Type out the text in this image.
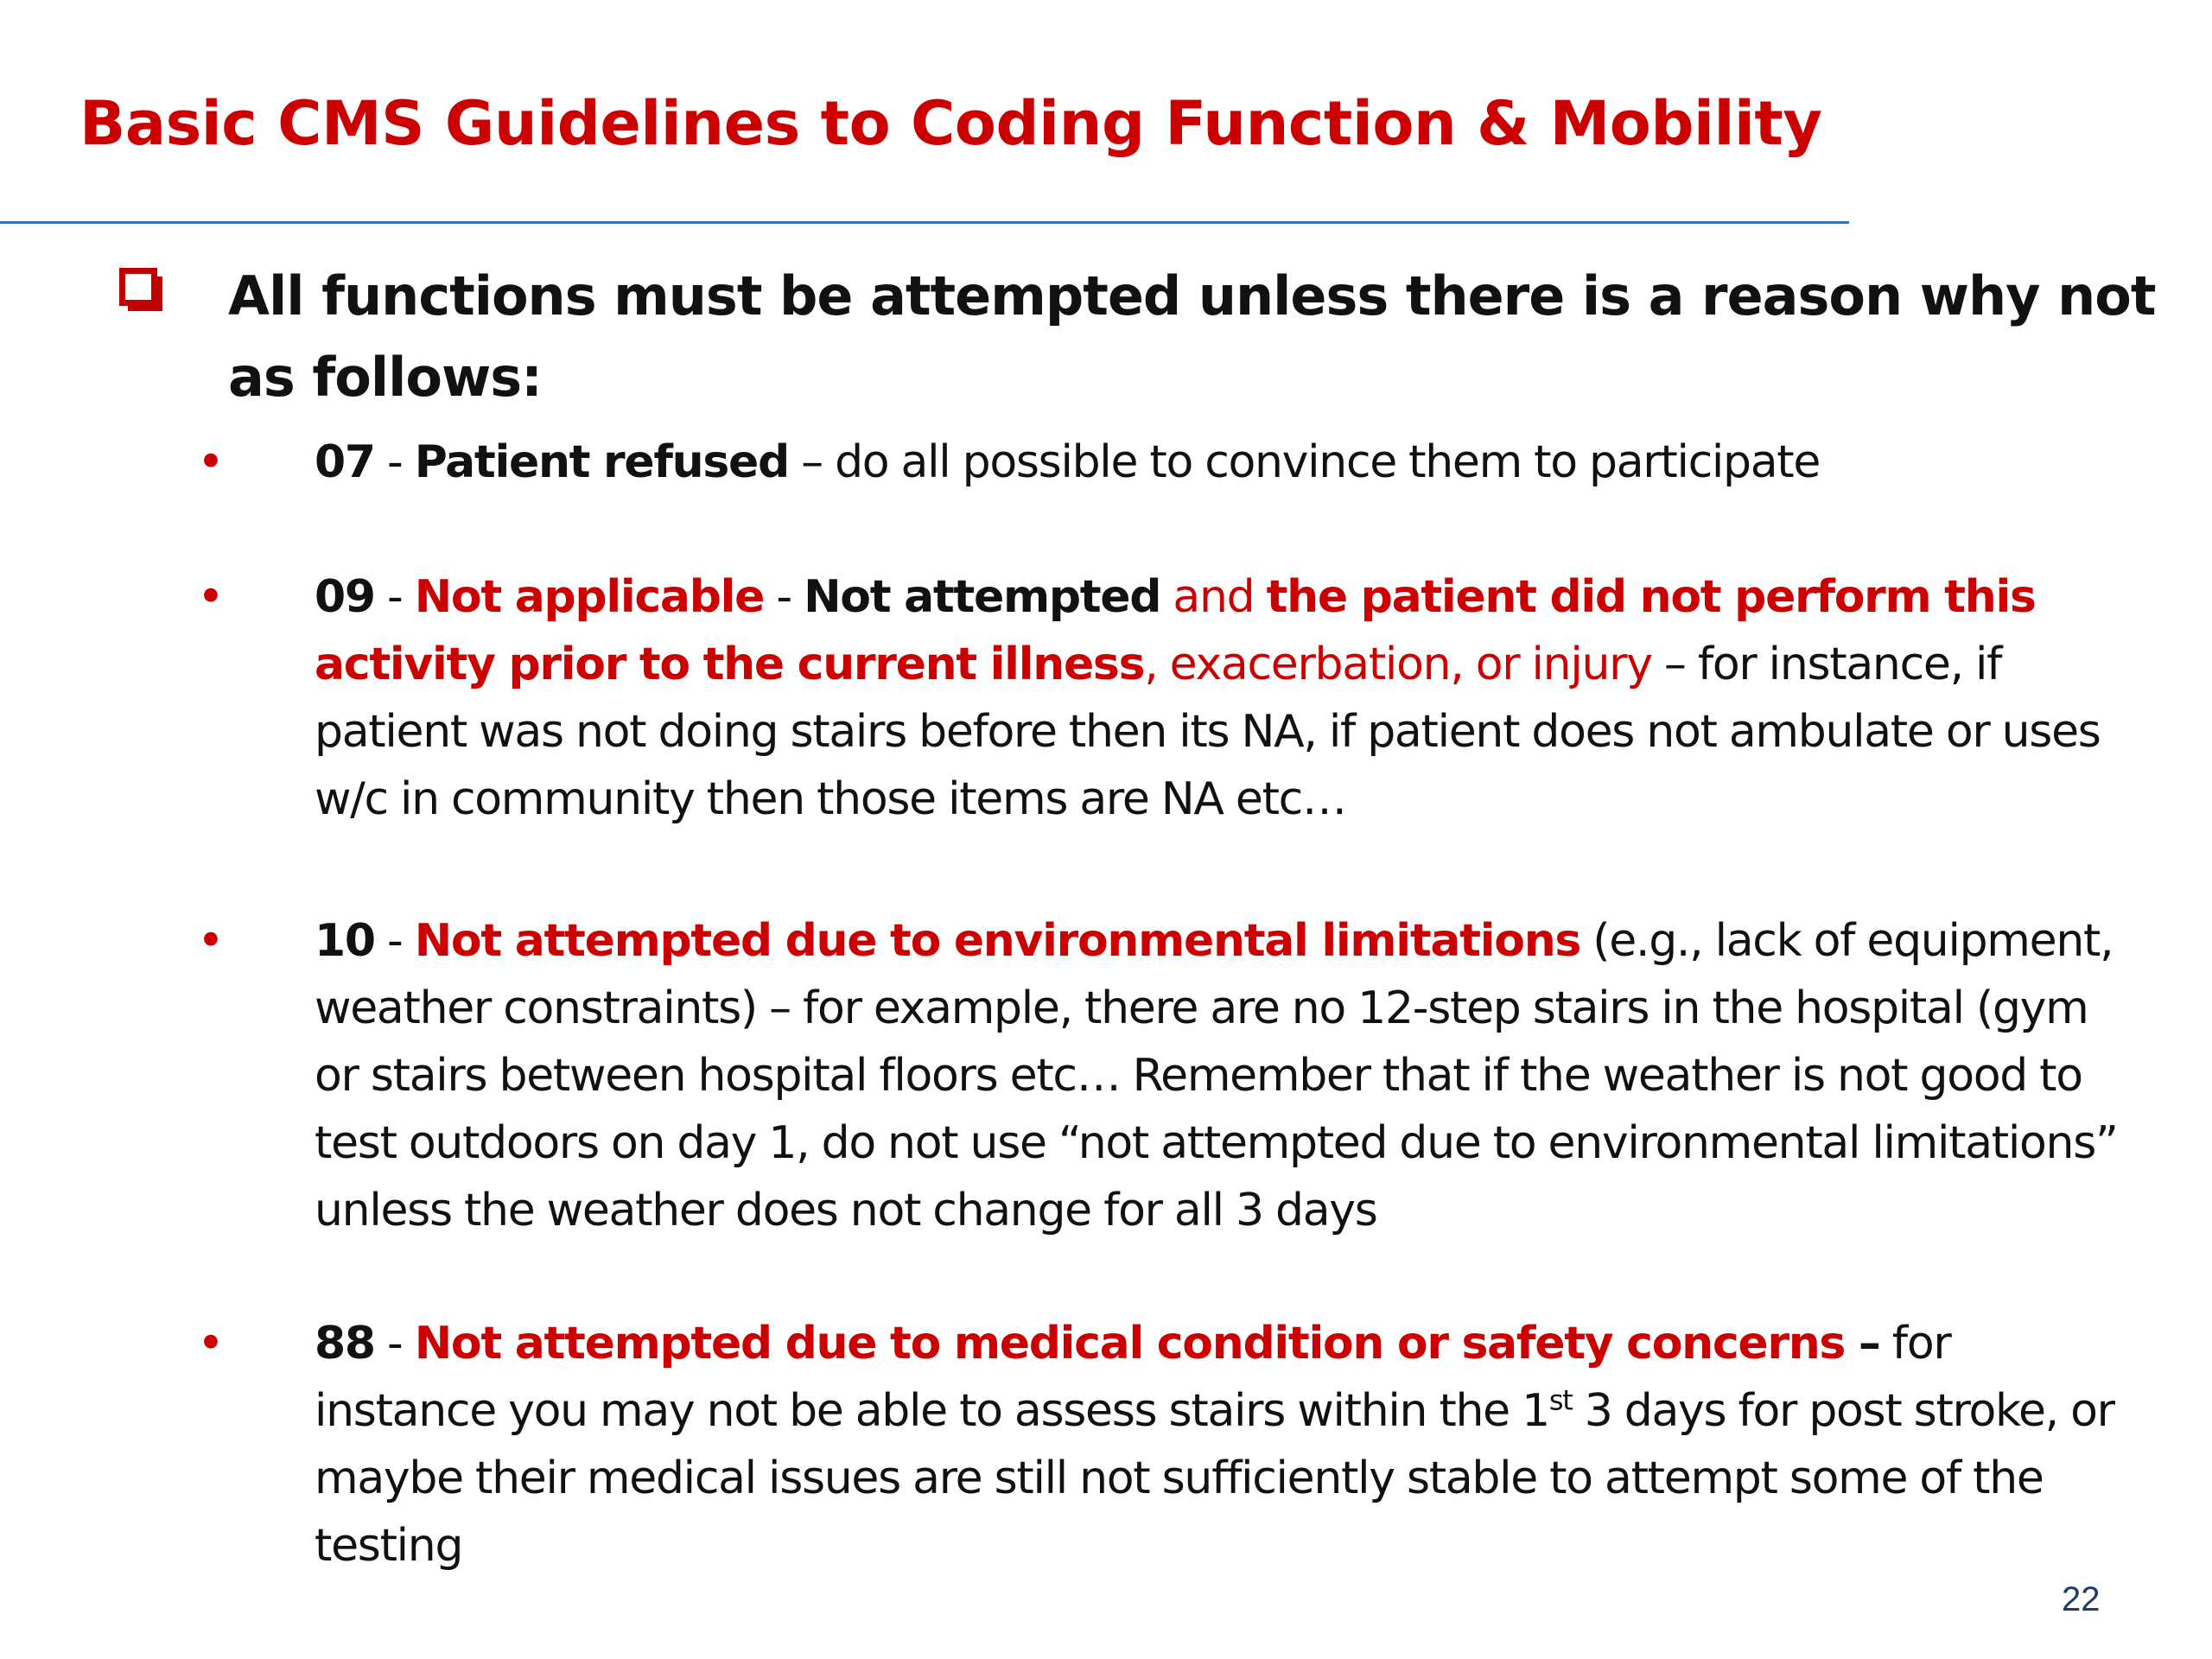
Basic CMS Guidelines to Coding Function & Mobility
All functions must be attempted unless there is a reason why not as follows:
• 07 - Patient refused – do all possible to convince them to participate
• 09 - Not applicable - Not attempted and the patient did not perform this activity prior to the current illness, exacerbation, or injury – for instance, if patient was not doing stairs before then its NA, if patient does not ambulate or uses w/c in community then those items are NA etc…
• 10 - Not attempted due to environmental limitations (e.g., lack of equipment, weather constraints) – for example, there are no 12-step stairs in the hospital (gym or stairs between hospital floors etc… Remember that if the weather is not good to test outdoors on day 1, do not use “not attempted due to environmental limitations” unless the weather does not change for all 3 days
• 88 - Not attempted due to medical condition or safety concerns – for instance you may not be able to assess stairs within the 1st 3 days for post stroke, or maybe their medical issues are still not sufficiently stable to attempt some of the testing
22
